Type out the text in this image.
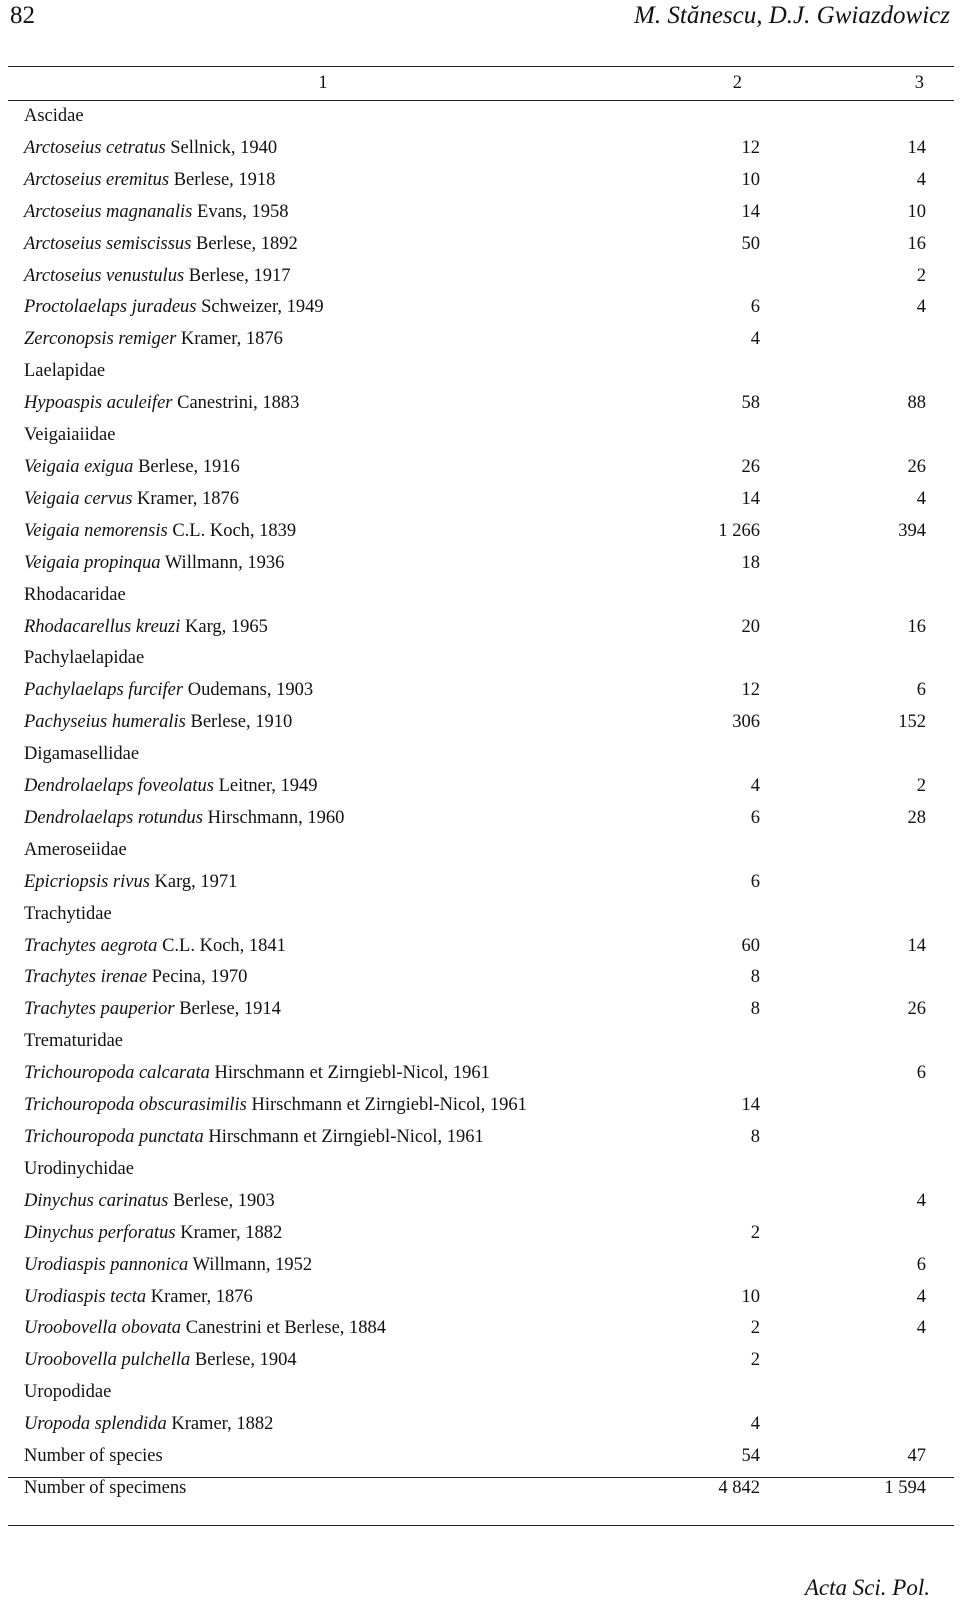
82	M. Stănescu, D.J. Gwiazdowicz
1	2	3
Ascidae		
Arctoseius cetratus Sellnick, 1940	12	14
Arctoseius eremitus Berlese, 1918	10	4
Arctoseius magnanalis Evans, 1958	14	10
Arctoseius semiscissus Berlese, 1892	50	16
Arctoseius venustulus Berlese, 1917		2
Proctolaelaps juradeus Schweizer, 1949	6	4
Zerconopsis remiger Kramer, 1876	4	
Laelapidae		
Hypoaspis aculeifer Canestrini, 1883	58	88
Veigaiaiidae		
Veigaia exigua Berlese, 1916	26	26
Veigaia cervus Kramer, 1876	14	4
Veigaia nemorensis C.L. Koch, 1839	1 266	394
Veigaia propinqua Willmann, 1936	18	
Rhodacaridae		
Rhodacarellus kreuzi Karg, 1965	20	16
Pachylaelapidae		
Pachylaelaps furcifer Oudemans, 1903	12	6
Pachyseius humeralis Berlese, 1910	306	152
Digamasellidae		
Dendrolaelaps foveolatus Leitner, 1949	4	2
Dendrolaelaps rotundus Hirschmann, 1960	6	28
Ameroseiidae		
Epicriopsis rivus Karg, 1971	6	
Trachytidae		
Trachytes aegrota C.L. Koch, 1841	60	14
Trachytes irenae Pecina, 1970	8	
Trachytes pauperior Berlese, 1914	8	26
Trematuridae		
Trichouropoda calcarata Hirschmann et Zirngiebl-Nicol, 1961		6
Trichouropoda obscurasimilis Hirschmann et Zirngiebl-Nicol, 1961	14	
Trichouropoda punctata Hirschmann et Zirngiebl-Nicol, 1961	8	
Urodinychidae		
Dinychus carinatus Berlese, 1903		4
Dinychus perforatus Kramer, 1882	2	
Urodiaspis pannonica Willmann, 1952		6
Urodiaspis tecta Kramer, 1876	10	4
Uroobovella obovata Canestrini et Berlese, 1884	2	4
Uroobovella pulchella Berlese, 1904	2	
Uropodidae		
Uropoda splendida Kramer, 1882	4	
Number of species	54	47
Number of specimens	4 842	1 594
Acta Sci. Pol.
